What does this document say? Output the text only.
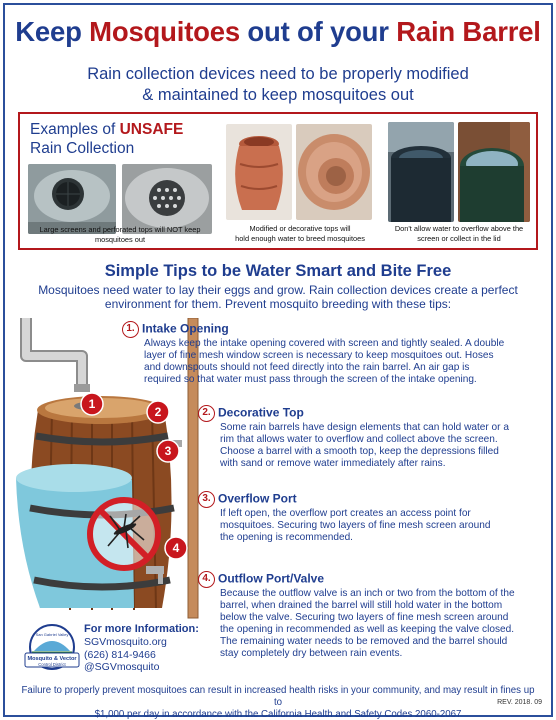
Keep Mosquitoes out of your Rain Barrel
Rain collection devices need to be properly modified
& maintained to keep mosquitoes out
Examples of UNSAFE
Rain Collection
Large screens and perforated tops will NOT keep
mosquitoes out
Modified or decorative tops will
hold enough water to breed mosquitoes
Don't allow water to overflow above the
screen or collect in the lid
Simple Tips to be Water Smart and Bite Free
Mosquitoes need water to lay their eggs and grow. Rain collection devices create a perfect
environment for them. Prevent mosquito breeding with these tips:
1
2
3
4
1. Intake Opening
Always keep the intake opening covered with screen and tightly sealed. A double
layer of fine mesh window screen is necessary to keep mosquitoes out. Hoses
and downspouts should not feed directly into the rain barrel. An air gap is
required so that water must pass through the screen of the intake opening.
2. Decorative Top
Some rain barrels have design elements that can hold water or a
rim that allows water to overflow and collect above the screen.
Choose a barrel with a smooth top, keep the depressions filled
with sand or remove water immediately after rains.
3. Overflow Port
If left open, the overflow port creates an access point for
mosquitoes. Securing two layers of fine mesh screen around
the opening is recommended.
4. Outflow Port/Valve
Because the outflow valve is an inch or two from the bottom of the
barrel, when drained the barrel will still hold water in the bottom
below the valve. Securing two layers of fine mesh screen around
the opening in recommended as well as keeping the valve closed.
The remaining water needs to be removed and the barrel should
stay completely dry between rain events.
San Gabriel Valley
Mosquito & Vector
Control District
For more Information:
SGVmosquito.org
(626) 814-9466
@SGVmosquito
Failure to properly prevent mosquitoes can result in increased health risks in your community, and may result in fines up to
$1,000 per day in accordance with the California Health and Safety Codes 2060-2067
REV. 2018. 09
